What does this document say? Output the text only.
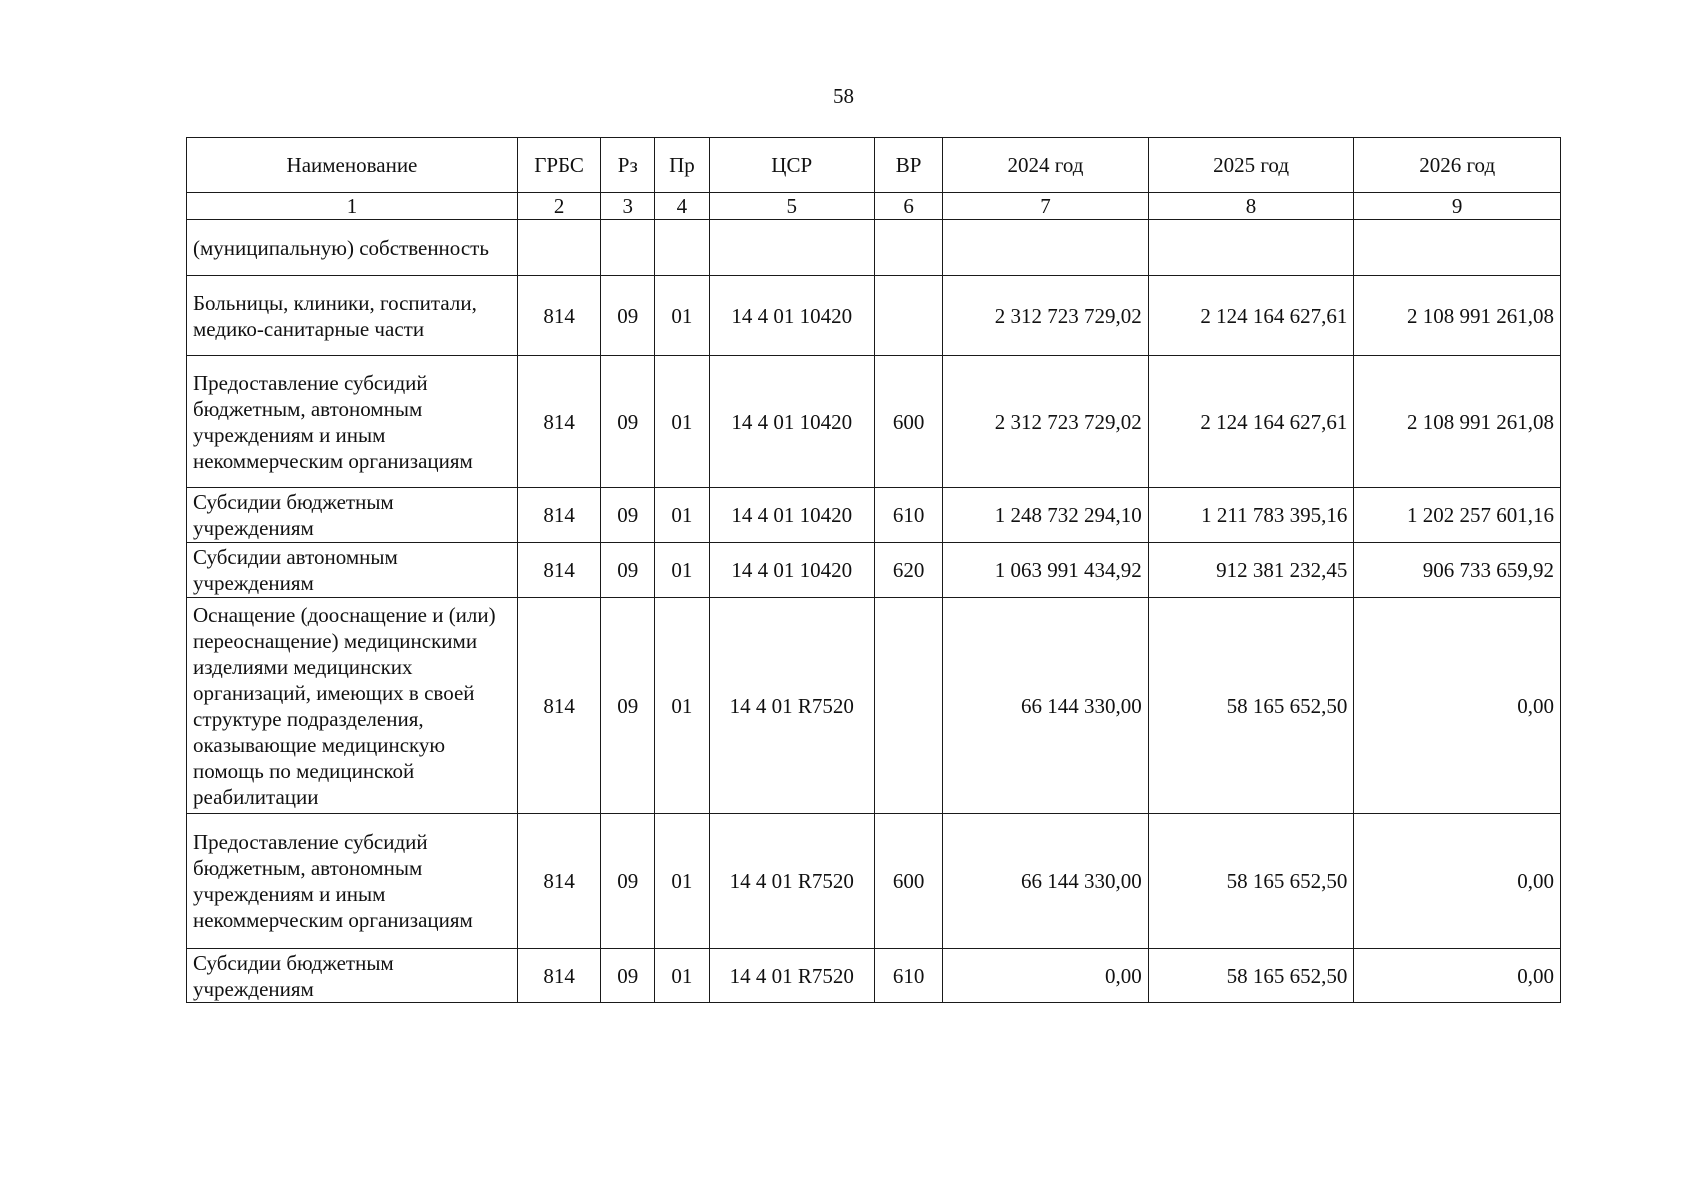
58
Наименование	ГРБС	Рз	Пр	ЦСР	ВР	2024 год	2025 год	2026 год
1	2	3	4	5	6	7	8	9
(муниципальную) собственность								
Больницы, клиники, госпитали, медико-санитарные части	814	09	01	14 4 01 10420		2 312 723 729,02	2 124 164 627,61	2 108 991 261,08
Предоставление субсидий бюджетным, автономным учреждениям и иным некоммерческим организациям	814	09	01	14 4 01 10420	600	2 312 723 729,02	2 124 164 627,61	2 108 991 261,08
Субсидии бюджетным учреждениям	814	09	01	14 4 01 10420	610	1 248 732 294,10	1 211 783 395,16	1 202 257 601,16
Субсидии автономным учреждениям	814	09	01	14 4 01 10420	620	1 063 991 434,92	912 381 232,45	906 733 659,92
Оснащение (дооснащение и (или) переоснащение) медицинскими изделиями медицинских организаций, имеющих в своей структуре подразделения, оказывающие медицинскую помощь по медицинской реабилитации	814	09	01	14 4 01 R7520		66 144 330,00	58 165 652,50	0,00
Предоставление субсидий бюджетным, автономным учреждениям и иным некоммерческим организациям	814	09	01	14 4 01 R7520	600	66 144 330,00	58 165 652,50	0,00
Субсидии бюджетным учреждениям	814	09	01	14 4 01 R7520	610	0,00	58 165 652,50	0,00
